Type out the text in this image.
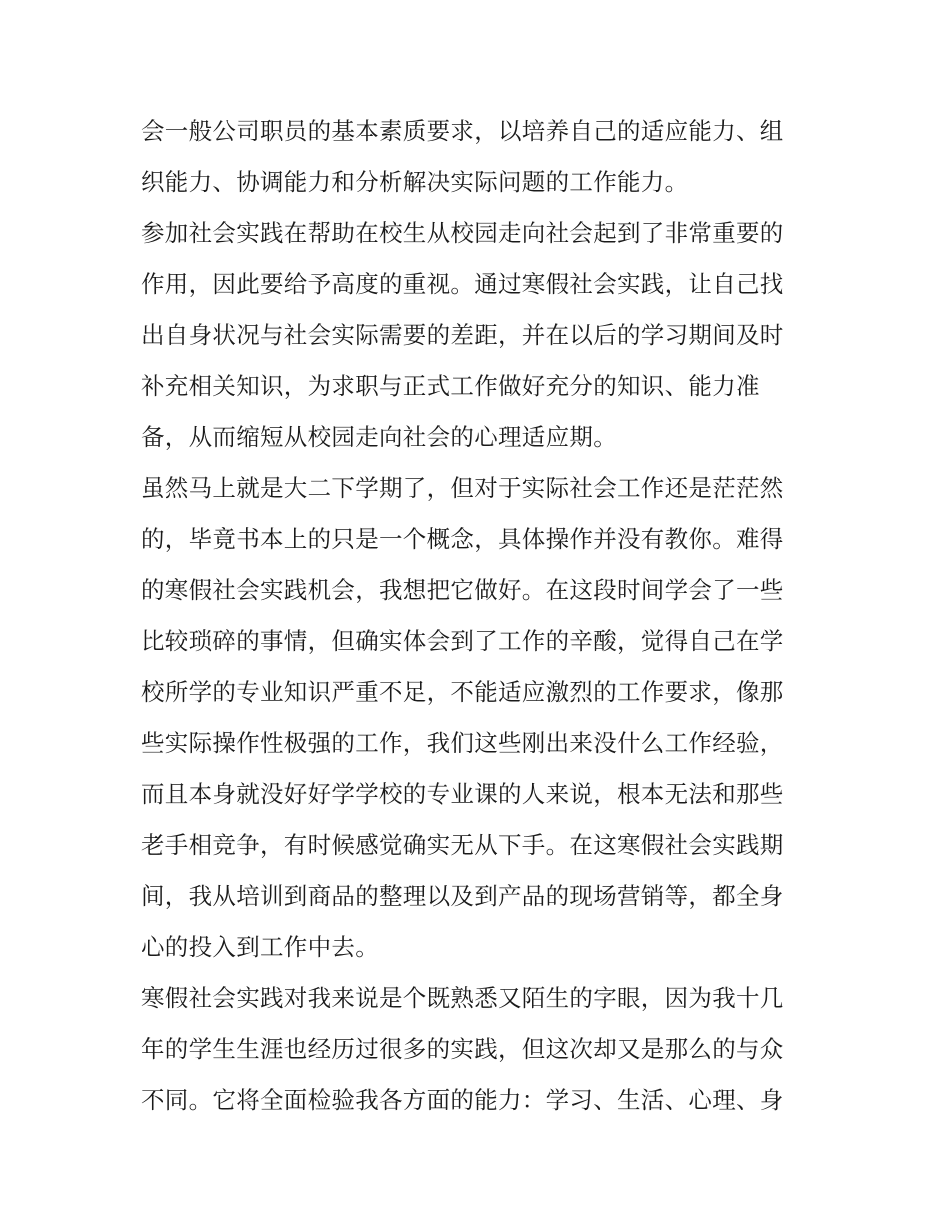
会一般公司职员的基本素质要求，以培养自己的适应能力、组
织能力、协调能力和分析解决实际问题的工作能力。
参加社会实践在帮助在校生从校园走向社会起到了非常重要的
作用，因此要给予高度的重视。通过寒假社会实践，让自己找
出自身状况与社会实际需要的差距，并在以后的学习期间及时
补充相关知识，为求职与正式工作做好充分的知识、能力准
备，从而缩短从校园走向社会的心理适应期。
虽然马上就是大二下学期了，但对于实际社会工作还是茫茫然
的，毕竟书本上的只是一个概念，具体操作并没有教你。难得
的寒假社会实践机会，我想把它做好。在这段时间学会了一些
比较琐碎的事情，但确实体会到了工作的辛酸，觉得自己在学
校所学的专业知识严重不足，不能适应激烈的工作要求，像那
些实际操作性极强的工作，我们这些刚出来没什么工作经验，
而且本身就没好好学学校的专业课的人来说，根本无法和那些
老手相竞争，有时候感觉确实无从下手。在这寒假社会实践期
间，我从培训到商品的整理以及到产品的现场营销等，都全身
心的投入到工作中去。
寒假社会实践对我来说是个既熟悉又陌生的字眼，因为我十几
年的学生生涯也经历过很多的实践，但这次却又是那么的与众
不同。它将全面检验我各方面的能力：学习、生活、心理、身
